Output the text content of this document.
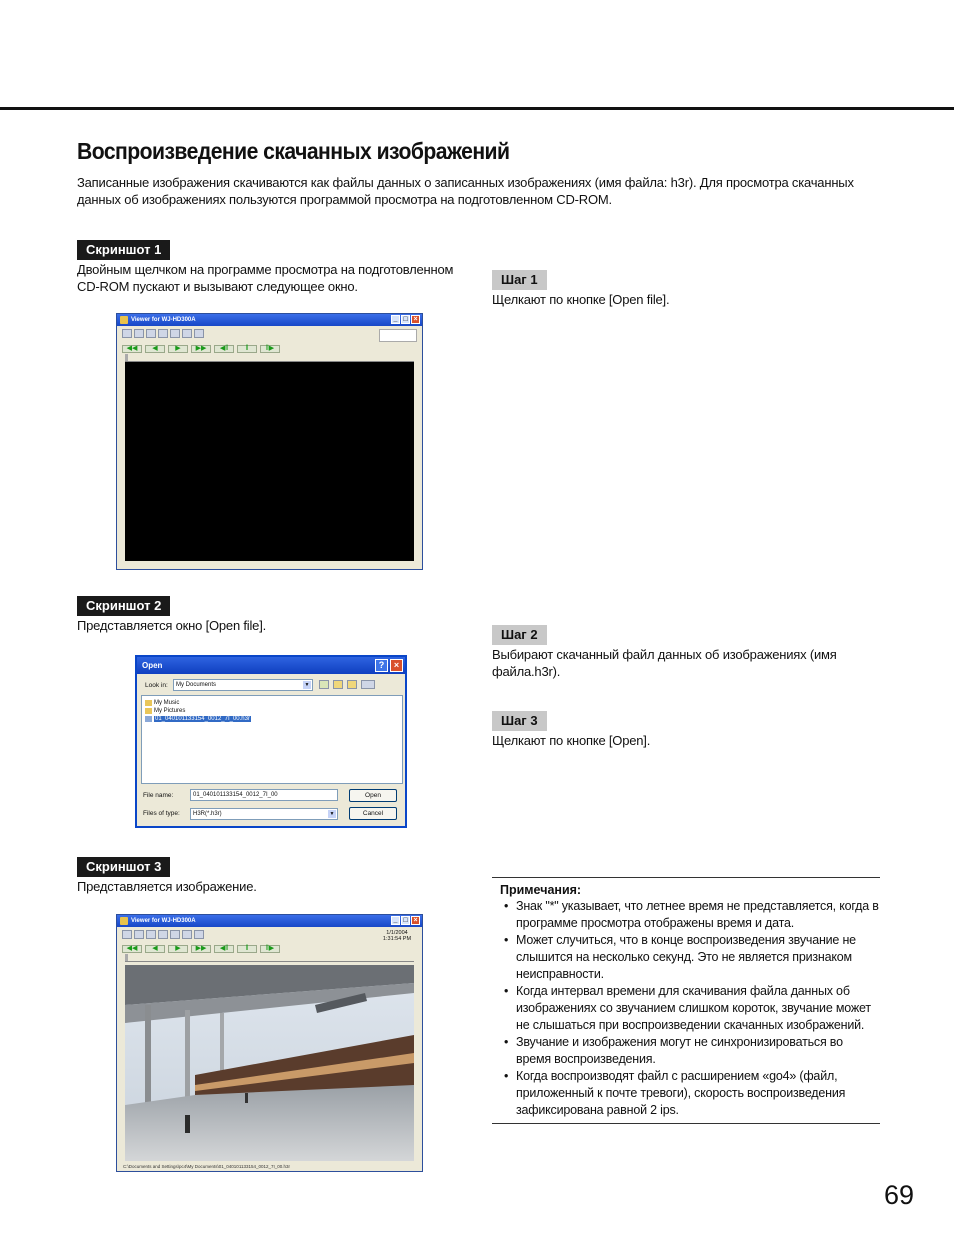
Воспроизведение скачанных изображений
Записанные изображения скачиваются как файлы данных о записанных изображениях (имя файла: h3r). Для просмотра скачанных данных об изображениях пользуются программой просмотра на подготовленном CD-ROM.
Скриншот 1
Двойным щелчком на программе просмотра на подготовленном CD-ROM пускают и вызывают следующее окно.
Viewer for WJ-HD300A	_ □ ×
◀◀	◀	▶	▶▶	◀‖	‖	‖▶
Шаг 1
Щелкают по кнопке [Open file].
Скриншот 2
Представляется окно [Open file].
Open	?	×
Look in:	My Documents	▼
My Music
My Pictures
01_040101133154_0012_7I_00.h3r
File name:	01_040101133154_0012_7I_00	Open
Files of type:	H3R(*.h3r)	▼	Cancel
Шаг 2
Выбирают скачанный файл данных об изображениях (имя файла.h3r).
Шаг 3
Щелкают по кнопке [Open].
Скриншот 3
Представляется изображение.
Viewer for WJ-HD300A	_ □ ×
1/1/2004
1:31:54 PM
◀◀	◀	▶	▶▶	◀‖	‖	‖▶
C:\Documents and Settings\pc4\My Documents\01_040101133154_0012_7I_00.h3r
Примечания:
• Знак "*" указывает, что летнее время не представляется, когда в программе просмотра отображены время и дата.
• Может случиться, что в конце воспроизведения звучание не слышится на несколько секунд. Это не является признаком неисправности.
• Когда интервал времени для скачивания файла данных об изображениях со звучанием слишком короток, звучание может не слышаться при воспроизведении скачанных изображений.
• Звучание и изображения могут не синхронизироваться во время воспроизведения.
• Когда воспроизводят файл с расширением «go4» (файл, приложенный к почте тревоги), скорость воспроизведения зафиксирована равной 2 ips.
69
